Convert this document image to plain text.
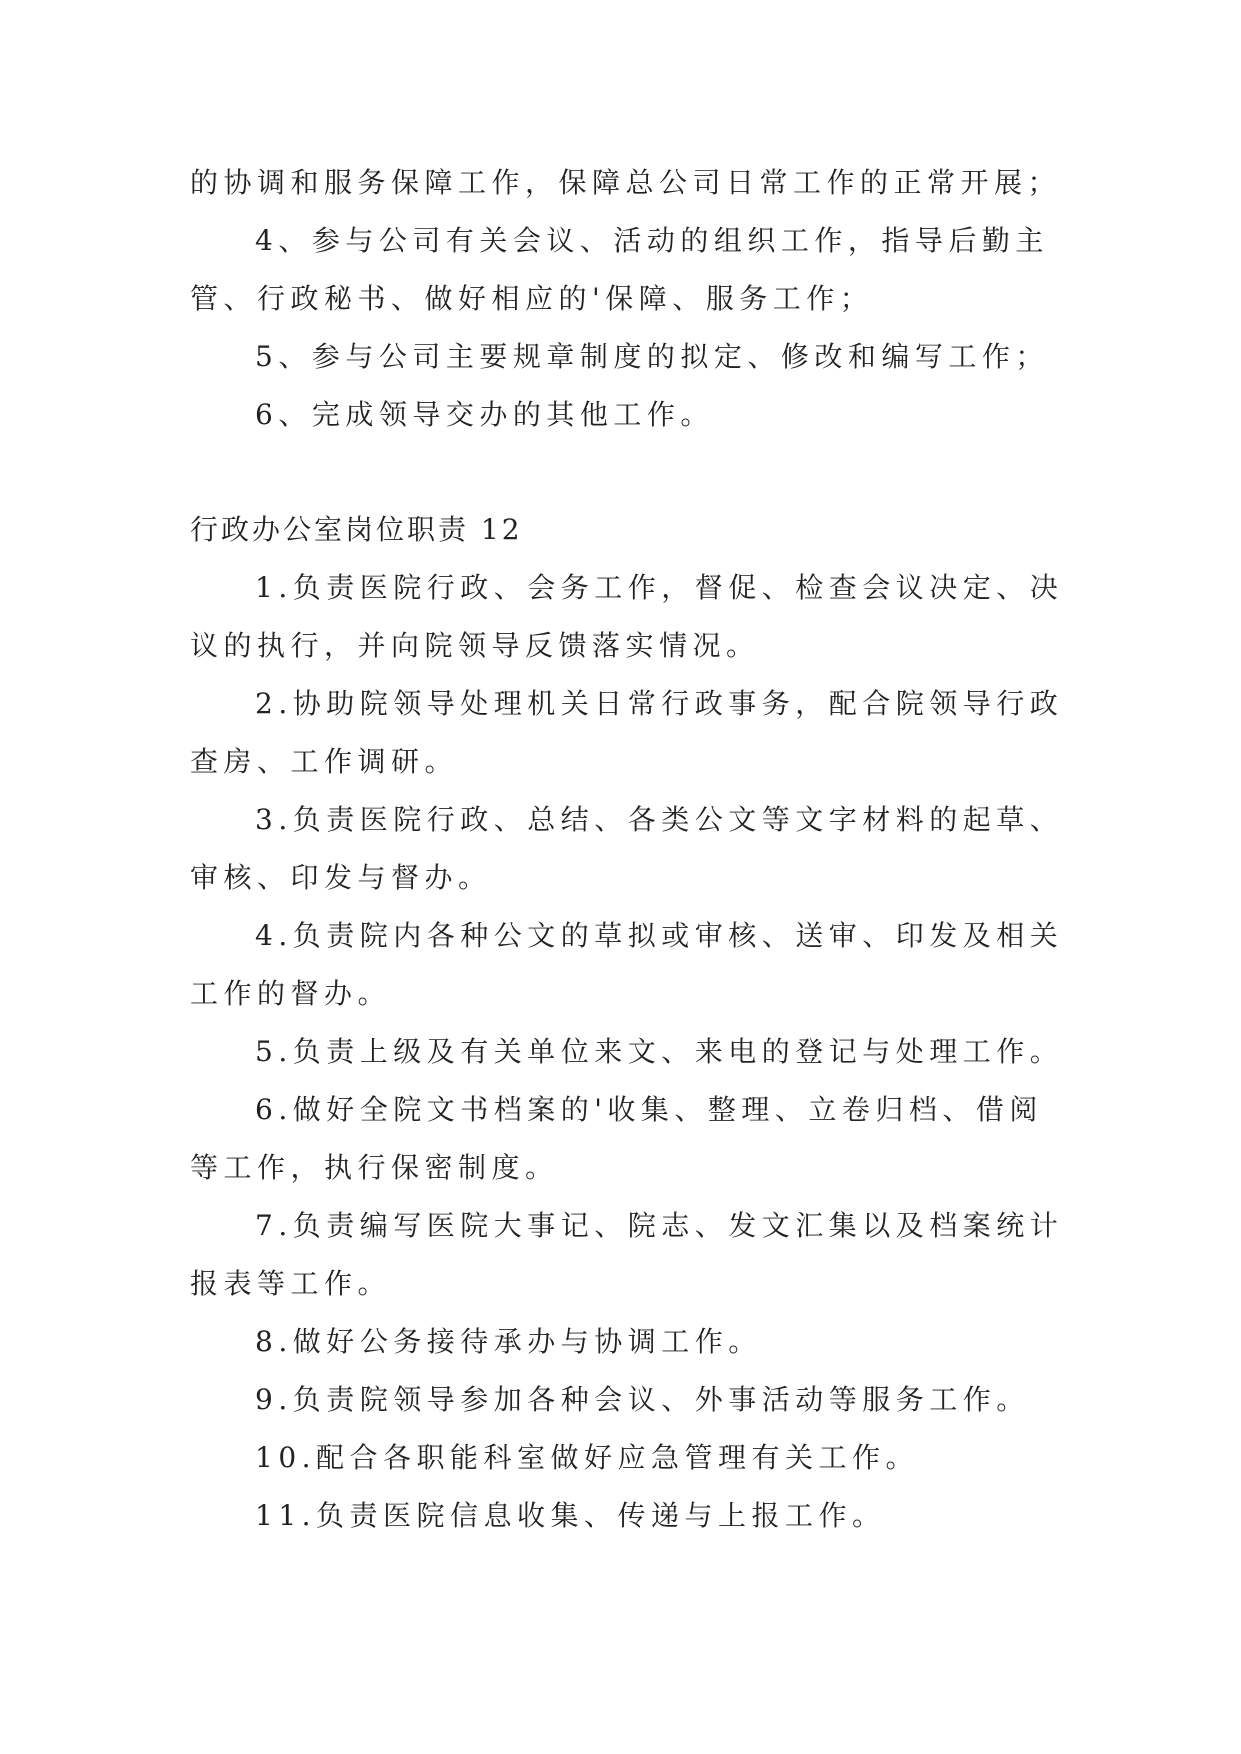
的协调和服务保障工作，保障总公司日常工作的正常开展；

4、参与公司有关会议、活动的组织工作，指导后勤主

管、行政秘书、做好相应的'保障、服务工作；

5、参与公司主要规章制度的拟定、修改和编写工作；

6、完成领导交办的其他工作。

行政办公室岗位职责 12

1.负责医院行政、会务工作，督促、检查会议决定、决

议的执行，并向院领导反馈落实情况。

2.协助院领导处理机关日常行政事务，配合院领导行政

查房、工作调研。

3.负责医院行政、总结、各类公文等文字材料的起草、

审核、印发与督办。

4.负责院内各种公文的草拟或审核、送审、印发及相关

工作的督办。

5.负责上级及有关单位来文、来电的登记与处理工作。

6.做好全院文书档案的'收集、整理、立卷归档、借阅

等工作，执行保密制度。

7.负责编写医院大事记、院志、发文汇集以及档案统计

报表等工作。

8.做好公务接待承办与协调工作。

9.负责院领导参加各种会议、外事活动等服务工作。

10.配合各职能科室做好应急管理有关工作。

11.负责医院信息收集、传递与上报工作。
